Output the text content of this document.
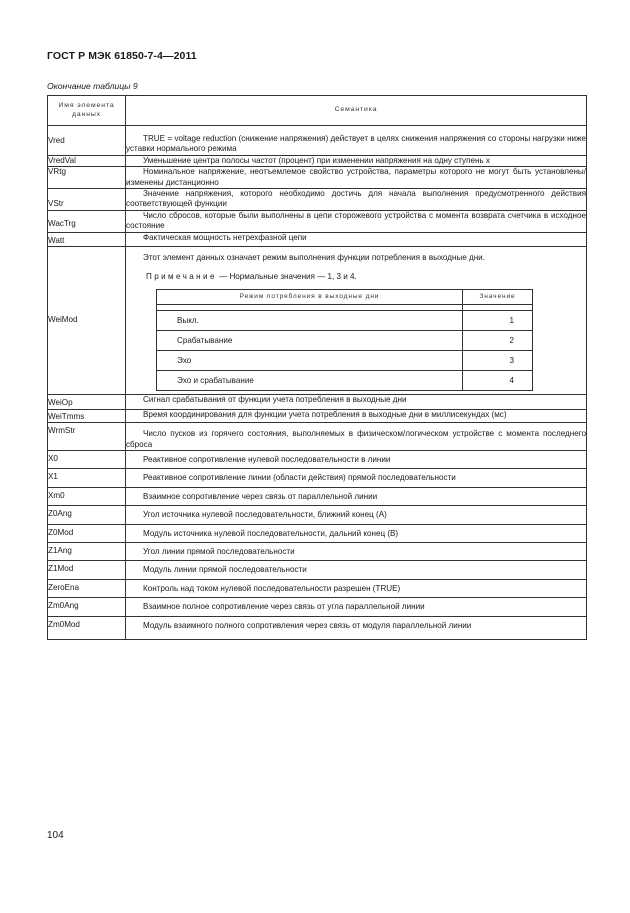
ГОСТ Р МЭК 61850-7-4—2011
Окончание таблицы 9
Имя элемента данных	Семантика
Vred	TRUE = voltage reduction (снижение напряжения) действует в целях снижения напряжения со стороны нагрузки ниже уставки нормального режима

VredVal	Уменьшение центра полосы частот (процент) при изменении напряжения на одну ступень x

VRtg	Номинальное напряжение, неотъемлемое свойство устройства, параметры которого не могут быть установлены/изменены дистанционно

VStr	
Значение напряжения, которого необходимо достичь для начала выполнения предусмотренного действия соответствующей функции

WacTrg	
Число сбросов, которые были выполнены в цепи сторожевого устройства с момента возврата счетчика в исходное состояние

Watt	Фактическая мощность нетрехфазной цепи

WeiMod	
Этот элемент данных означает режим выполнения функции потребления в выходные дни.
Примечание — Нормальные значения — 1, 3 и 4.
Режим потребления в выходные дни	Значение

Выкл.	1
Срабатывание	2
Эхо	3
Эхо и срабатывание	4

WeiOp	Сигнал срабатывания от функции учета потребления в выходные дни

WeiTmms	Время координирования для функции учета потребления в выходные дни в миллисекундах (мс)

WrmStr	Число пусков из горячего состояния, выполняемых в физическом/логическом устройстве с момента последнего сброса

X0	Реактивное сопротивление нулевой последовательности в линии

X1	Реактивное сопротивление линии (области действия) прямой последовательности

Xm0	Взаимное сопротивление через связь от параллельной линии

Z0Ang	Угол источника нулевой последовательности, ближний конец (А)

Z0Mod	Модуль источника нулевой последовательности, дальний конец (В)

Z1Ang	Угол линии прямой последовательности

Z1Mod	Модуль линии прямой последовательности

ZeroEna	Контроль над током нулевой последовательности разрешен (TRUE)

Zm0Ang	Взаимное полное сопротивление через связь от угла параллельной линии

Zm0Mod	Модуль взаимного полного сопротивления через связь от модуля параллельной линии
104
